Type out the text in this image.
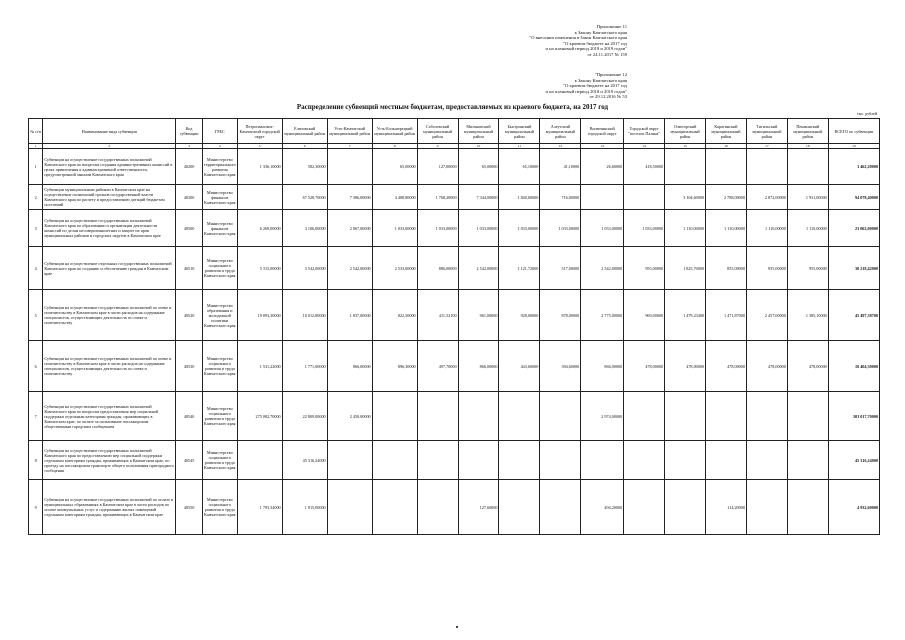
Приложение 11
к Закону Камчатского края
"О внесении изменения в Закон Камчатского края
"О краевом бюджете на 2017 год
и на плановый период 2018 и 2019 годов"
от 24.11.2017 № 159
"Приложение 12
к Закону Камчатского края
"О краевом бюджете на 2017 год
и на плановый период 2018 и 2019 годов"
от 29.12.2016 № 53
Распределение субвенций местным бюджетам, предоставляемых из краевого бюджета, на 2017 год
тыс. рублей
№ п/п	Наименование вида субвенции	Код субвенции	ГРБС	Петропавловск-Камчатский городской округ	Елизовский муниципальный район	Усть-Камчатский муниципальный район	Усть-Большерецкий муниципальный район	Соболевский муниципальный район	Мильковский муниципальный район	Быстринский муниципальный район	Алеутский муниципальный район	Вилючинский городской округ	Городской округ "поселок Палана"	Олюторский муниципальный район	Карагинский муниципальный район	Тигильский муниципальный район	Пенжинский муниципальный район	ВСЕГО по субвенции
1	2	3	4	5	6	7	8	9	10	11	12	13	14	15	16	17	18	19
1	Субвенции на осуществление государственных полномочий Камчатского края по вопросам создания административных комиссий в целях привлечения к административной ответственности, предусмотренной законом Камчатского края	40200	Министерство территориального развития Камчатского края	1 336,10000	582,30000		65,00000	127,00000	65,00000	65,10000	41,10000	26,60000	418,50000					3 462,20000
2	Субвенции муниципальным районам в Камчатском крае на осуществление полномочий органов государственной власти Камчатского края по расчету и предоставлению дотаций бюджетам поселений	40300	Министерство финансов Камчатского края		67 528,70000	7 386,00000	4 488,80000	1 768,20000	7 344,00000	1 840,60000	716,00000			3 104,60000	2 788,00000	2 872,00000	1 931,00000	94 078,40000
3	Субвенции на осуществление государственных полномочий Камчатского края по образованию и организации деятельности комиссий по делам несовершеннолетних и защите их прав муниципальных районов и городских округов в Камчатском крае	40500	Министерство финансов Камчатского края	6 269,00000	3 106,00000	2 067,00000	1 033,00000	1 033,00000	1 033,00000	1 033,00000	1 033,00000	1 033,00000	1 033,00000	1 110,00000	1 110,00000	1 110,00000	1 110,00000	23 062,00000
4	Субвенции на осуществление отдельных государственных полномочий Камчатского края по созданию и обеспечению граждан в Камчатском крае	40510	Министерство социального развития и труда Камчатского края	5 315,00000	3 542,00000	2 542,00000	2 533,00000	886,00000	2 542,00000	1 121,72000	517,00000	2 542,00000	955,00000	1 825,70000	855,00000	955,00000	955,00000	30 218,42000
5	Субвенции на осуществление государственных полномочий по опеке и попечительству в Камчатском крае в части расходов на содержание специалистов, осуществляющих деятельность по опеке и попечительству	40520	Министерство образования и молодежной политики Камчатского края	19 093,30000	10 012,80000	1 837,00000	822,30000	411,52100	961,00000	928,00000	878,00000	2 775,00000	969,00000	1 479,23400	1 471,87000	2 457,00000	1 385,10000	45 497,38700
6	Субвенции на осуществление государственных полномочий по опеке и попечительству в Камчатском крае в части расходов на содержание специалистов, осуществляющих деятельность по опеке и попечительству	40530	Министерство социального развития и труда Камчатского края	1 531,22000	1 771,00000	866,00000	896,30000	497,70000	866,00000	443,60000	394,60000	866,00000	478,00000	478,00000	478,00000	478,00000	478,00000	10 404,30000
7	Субвенции на осуществление государственных полномочий Камчатского края по вопросам предоставления мер социальной поддержки отдельным категориям граждан, проживающих в Камчатском крае, по оплате за пользование пассажирским общественным городским сообщением	40540	Министерство социального развития и труда Камчатского края	275 082,70000	22 809,00000	2 450,00000						2 974,00000						303 017,70000
8	Субвенции на осуществление государственных полномочий Камчатского края по предоставлению мер социальной поддержки отдельным категориям граждан, проживающих в Камчатском крае, по проезду на пассажирском транспорте общего пользования пригородного сообщения	40545	Министерство социального развития и труда Камчатского края		45 316,24000													45 316,24000
9	Субвенции на осуществление государственных полномочий по оплате в муниципальных образованиях в Камчатском крае в части расходов по оплате коммунальных услуг и содержанию жилых помещений отдельным категориям граждан, проживающих в Камчатском крае	40550	Министерство социального развития и труда Камчатского края	1 793,34000	1 915,00000				127,60000			494,20000			114,20000			4 932,60000
